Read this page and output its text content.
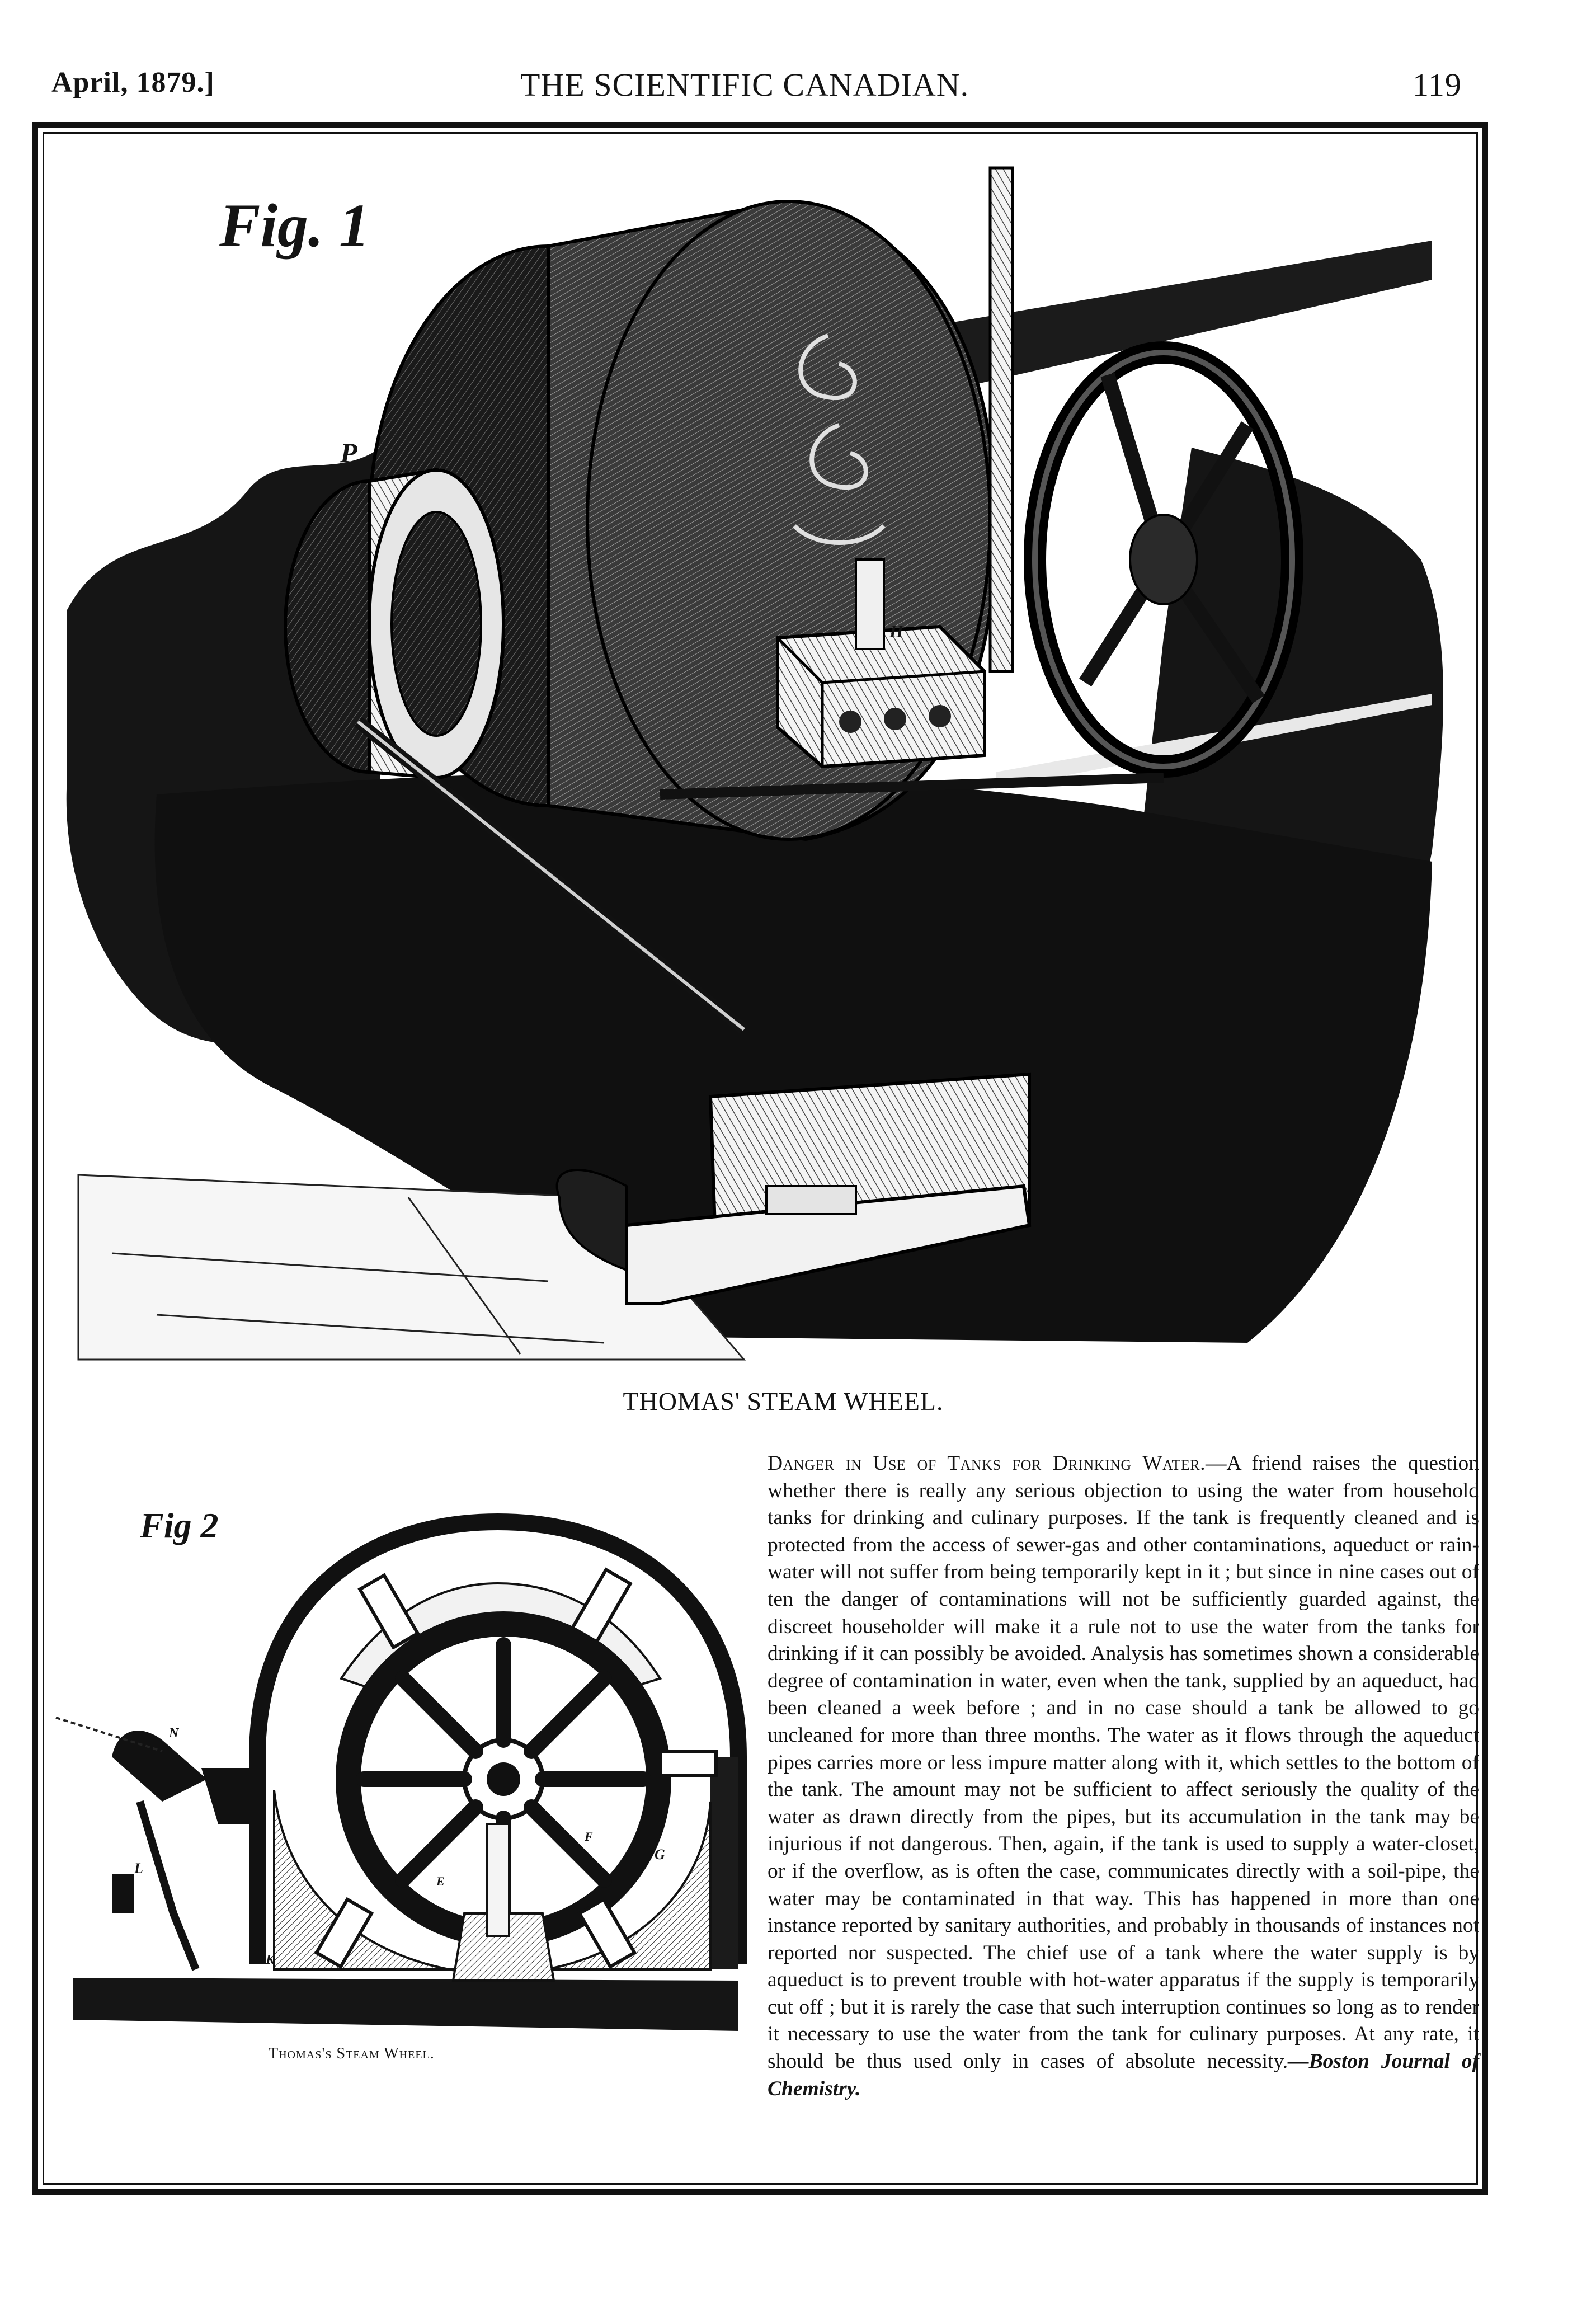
April, 1879.]	THE SCIENTIFIC CANADIAN.	119
Fig. 1
P
H
THOMAS' STEAM WHEEL.
Fig 2
N
L
K
G
F
E
Thomas's Steam Wheel.
Danger in Use of Tanks for Drinking Water.—A friend raises the question whether there is really any serious objection to using the water from household tanks for drinking and culinary purposes. If the tank is frequently cleaned and is protected from the access of sewer-gas and other contaminations, aqueduct or rain-water will not suffer from being temporarily kept in it ; but since in nine cases out of ten the danger of contaminations will not be sufficiently guarded against, the discreet householder will make it a rule not to use the water from the tanks for drinking if it can possibly be avoided. Analysis has sometimes shown a considerable degree of contamination in water, even when the tank, supplied by an aqueduct, had been cleaned a week before ; and in no case should a tank be allowed to go uncleaned for more than three months. The water as it flows through the aqueduct pipes carries more or less impure matter along with it, which settles to the bottom of the tank. The amount may not be sufficient to affect seriously the quality of the water as drawn directly from the pipes, but its accumulation in the tank may be injurious if not dangerous. Then, again, if the tank is used to supply a water-closet, or if the overflow, as is often the case, communicates directly with a soil-pipe, the water may be contaminated in that way. This has happened in more than one instance reported by sanitary authorities, and probably in thousands of instances not reported nor suspected. The chief use of a tank where the water supply is by aqueduct is to prevent trouble with hot-water apparatus if the supply is temporarily cut off ; but it is rarely the case that such interruption continues so long as to render it necessary to use the water from the tank for culinary purposes. At any rate, it should be thus used only in cases of absolute necessity.—Boston Journal of Chemistry.
